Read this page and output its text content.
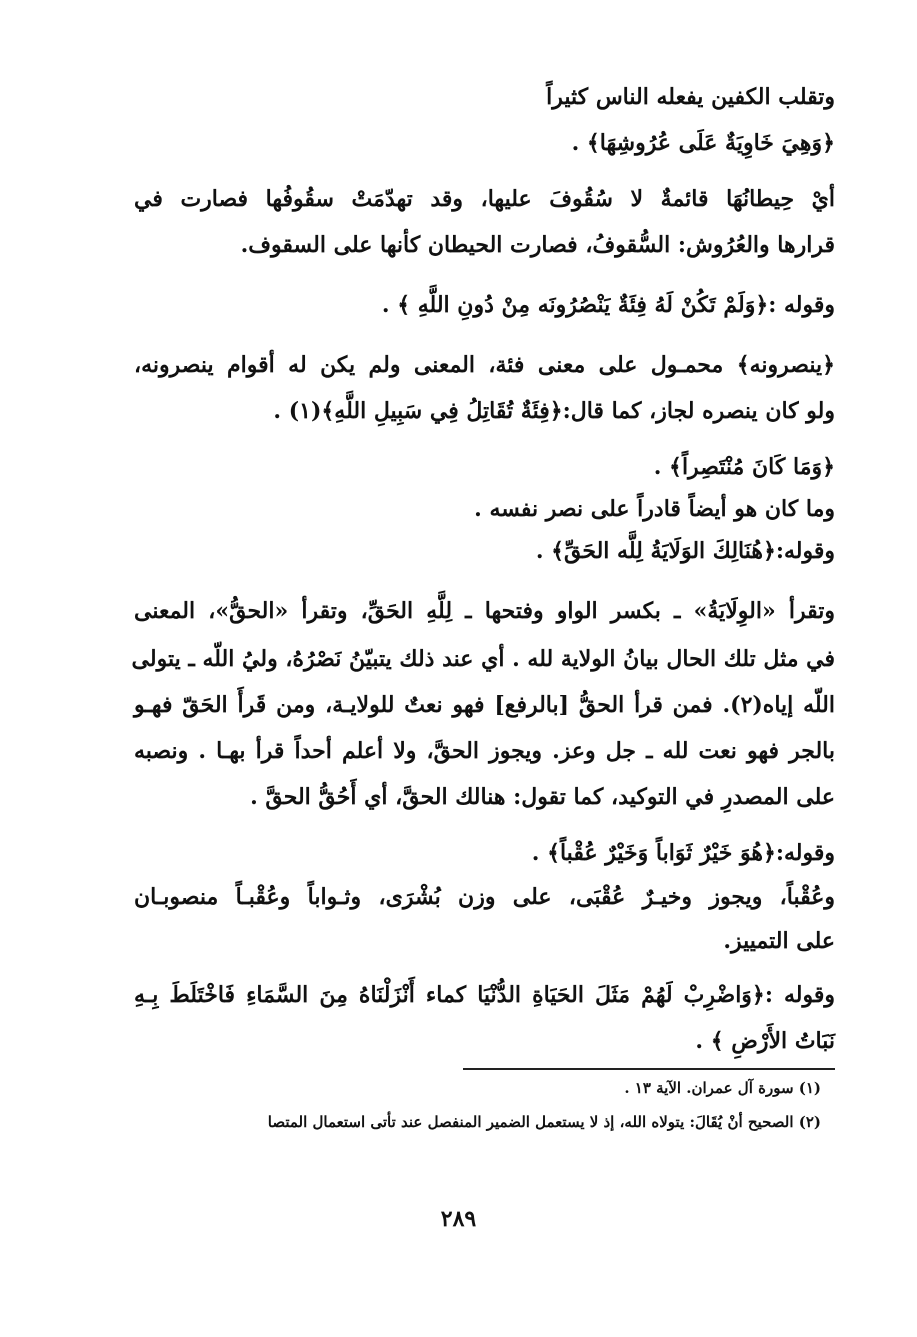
وتقلب الكفين يفعله الناس كثيراً
﴿وَهِيَ خَاوِيَةٌ عَلَى عُرُوشِهَا﴾ .
أيْ حِيطانُهَا قائمةٌ لا سُقُوفَ عليها، وقد تهدّمَتْ سقُوفُها فصارت في
قرارها والعُرُوش: السُّقوفُ، فصارت الحيطان كأنها على السقوف.
وقوله :﴿وَلَمْ تَكُنْ لَهُ فِئَةٌ يَنْصُرُونَه مِنْ دُونِ اللَّهِ ﴾ .
﴿ينصرونه﴾ محمـول على معنى فئة، المعنى ولم يكن له أقوام ينصرونه،
ولو كان ينصره لجاز، كما قال:﴿فِئَةٌ تُقَاتِلُ فِي سَبِيلِ اللَّهِ﴾(١) .
﴿وَمَا كَانَ مُنْتَصِراً﴾ .
وما كان هو أيضاً قادراً على نصر نفسه .
وقوله:﴿هُنَالِكَ الوَلَايَةُ لِلَّه الحَقِّ﴾ .
وتقرأ «الوِلَايَةُ» ـ بكسر الواو وفتحها ـ لِلَّهِ الحَقِّ، وتقرأ «الحقُّ»، المعنى
في مثل تلك الحال بيانُ الولاية لله . أي عند ذلك يتبيّنُ نَصْرُهُ، وليُ اللّه ـ يتولى
اللّه إياه(٢). فمن قرأ الحقُّ [بالرفع] فهو نعتٌ للولايـة، ومن قَرأَ الحَقّ فهـو
بالجر فهو نعت لله ـ جل وعز. ويجوز الحقَّ، ولا أعلم أحداً قرأ بهـا . ونصبه
على المصدرِ في التوكيد، كما تقول: هنالك الحقَّ، أي أَحُقُّ الحقَّ .
وقوله:﴿هُوَ خَيْرٌ ثَوَاباً وَخَيْرٌ عُقْباً﴾ .
وعُقْباً، ويجوز وخيـرٌ عُقْبَى، على وزن بُشْرَى، وثـواباً وعُقْبـاً منصوبـان
على التمييز.
وقوله :﴿وَاضْرِبْ لَهُمْ مَثَلَ الحَيَاةِ الدُّنْيَا كماء أَنْزَلْنَاهُ مِنَ السَّمَاءِ فَاخْتَلَطَ بِـهِ
نَبَاتُ الأَرْضِ ﴾ .
(١) سورة آل عمران. الآية ١٣ .
(٢) الصحيح أنْ يُقَالَ: يتولاه الله، إذ لا يستعمل الضمير المنفصل عند تأتى استعمال المتصا
٢٨٩
